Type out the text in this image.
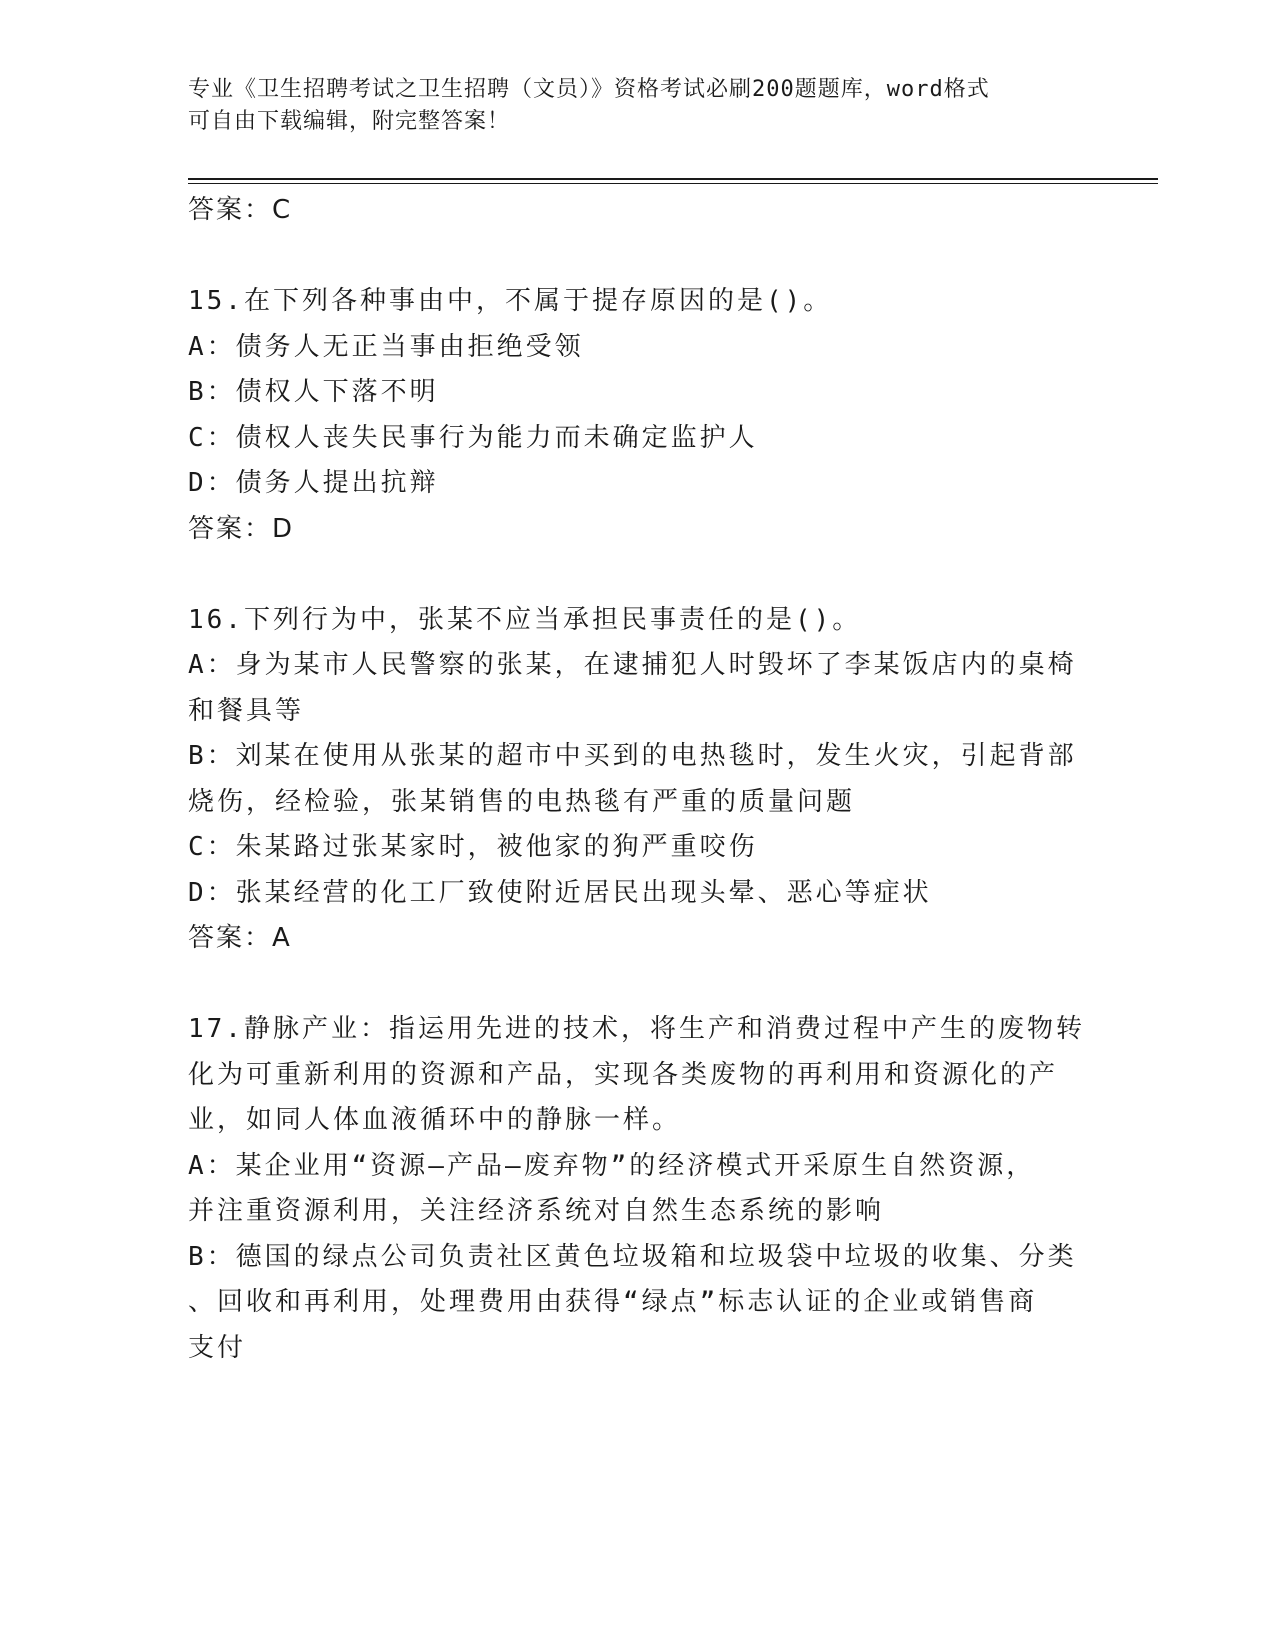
专业《卫生招聘考试之卫生招聘（文员）》资格考试必刷200题题库，word格式
可自由下载编辑，附完整答案！
答案：C
15.在下列各种事由中，不属于提存原因的是()。
A：债务人无正当事由拒绝受领
B：债权人下落不明
C：债权人丧失民事行为能力而未确定监护人
D：债务人提出抗辩
答案：D
16.下列行为中，张某不应当承担民事责任的是()。
A：身为某市人民警察的张某，在逮捕犯人时毁坏了李某饭店内的桌椅
和餐具等
B：刘某在使用从张某的超市中买到的电热毯时，发生火灾，引起背部
烧伤，经检验，张某销售的电热毯有严重的质量问题
C：朱某路过张某家时，被他家的狗严重咬伤
D：张某经营的化工厂致使附近居民出现头晕、恶心等症状
答案：A
17.静脉产业：指运用先进的技术，将生产和消费过程中产生的废物转
化为可重新利用的资源和产品，实现各类废物的再利用和资源化的产
业，如同人体血液循环中的静脉一样。
A：某企业用“资源—产品—废弃物”的经济模式开采原生自然资源，
并注重资源利用，关注经济系统对自然生态系统的影响
B：德国的绿点公司负责社区黄色垃圾箱和垃圾袋中垃圾的收集、分类
、回收和再利用，处理费用由获得“绿点”标志认证的企业或销售商
支付
